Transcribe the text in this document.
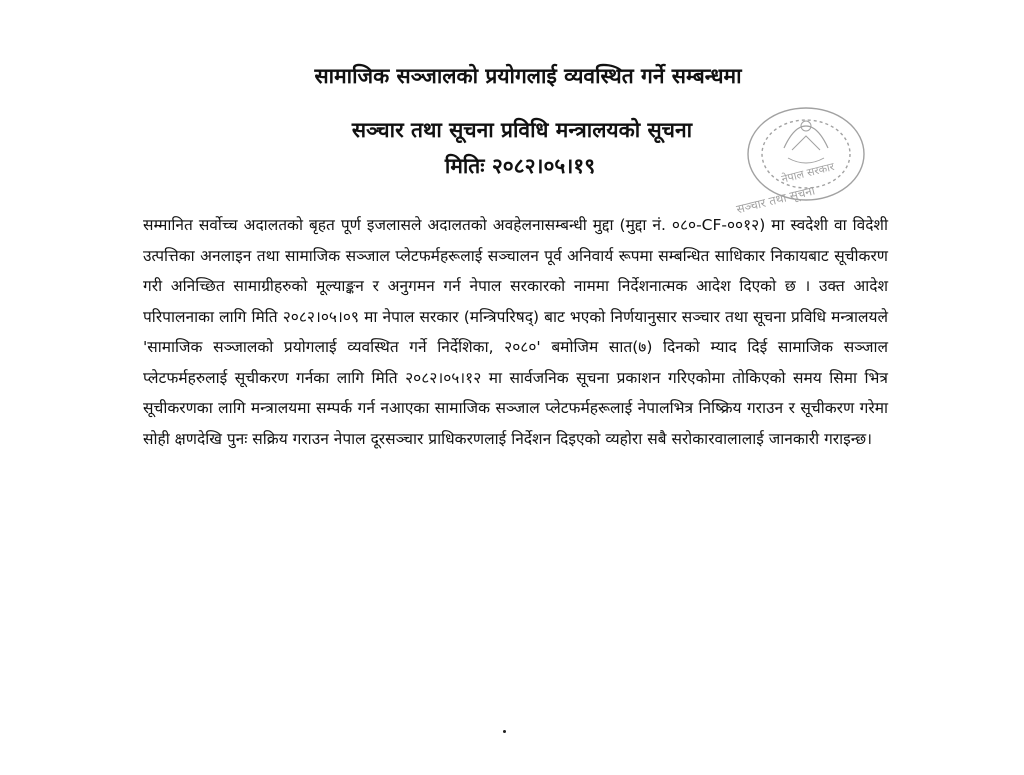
सामाजिक सञ्जालको प्रयोगलाई व्यवस्थित गर्ने सम्बन्धमा
सञ्चार तथा सूचना प्रविधि मन्त्रालयको सूचना
मितिः २०८२।०५।१९	नेपाल सरकार
सञ्चार तथा सूचना
सम्मानित सर्वोच्च अदालतको बृहत पूर्ण इजलासले अदालतको अवहेलनासम्बन्धी मुद्दा (मुद्दा नं. ०८०-CF-००१२) मा स्वदेशी वा विदेशी उत्पत्तिका अनलाइन तथा सामाजिक सञ्जाल प्लेटफर्महरूलाई सञ्चालन पूर्व अनिवार्य रूपमा सम्बन्धित साधिकार निकायबाट सूचीकरण गरी अनिच्छित सामाग्रीहरुको मूल्याङ्कन र अनुगमन गर्न नेपाल सरकारको नाममा निर्देशनात्मक आदेश दिएको छ । उक्त आदेश परिपालनाका लागि मिति २०८२।०५।०९ मा नेपाल सरकार (मन्त्रिपरिषद्) बाट भएको निर्णयानुसार सञ्चार तथा सूचना प्रविधि मन्त्रालयले 'सामाजिक सञ्जालको प्रयोगलाई व्यवस्थित गर्ने निर्देशिका, २०८०' बमोजिम सात(७) दिनको म्याद दिई सामाजिक सञ्जाल प्लेटफर्महरुलाई सूचीकरण गर्नका लागि मिति २०८२।०५।१२ मा सार्वजनिक सूचना प्रकाशन गरिएकोमा तोकिएको समय सिमा भित्र सूचीकरणका लागि मन्त्रालयमा सम्पर्क गर्न नआएका सामाजिक सञ्जाल प्लेटफर्महरूलाई नेपालभित्र निष्क्रिय गराउन र सूचीकरण गरेमा सोही क्षणदेखि पुनः सक्रिय गराउन नेपाल दूरसञ्चार प्राधिकरणलाई निर्देशन दिइएको व्यहोरा सबै सरोकारवालालाई जानकारी गराइन्छ।
